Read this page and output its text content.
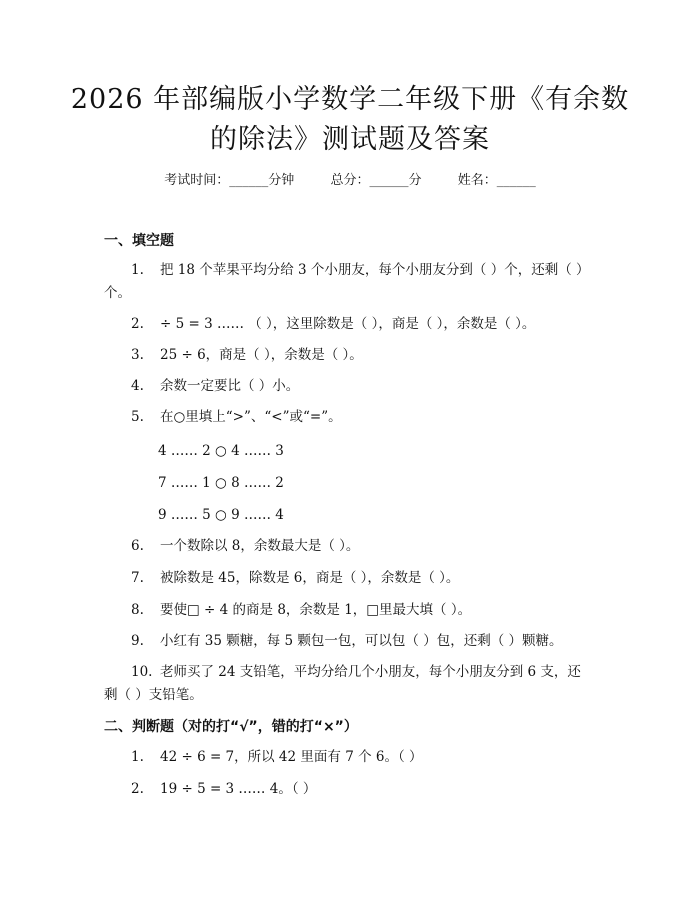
2026 年部编版小学数学二年级下册《有余数
的除法》测试题及答案
考试时间：______分钟	总分：______分	姓名：______
一、填空题
1. 把 18 个苹果平均分给 3 个小朋友，每个小朋友分到（ ）个，还剩（ ）个。
2. ÷ 5 = 3 …… （ ），这里除数是（ ），商是（ ），余数是（ ）。
3. 25 ÷ 6，商是（ ），余数是（ ）。
4. 余数一定要比（ ）小。
5. 在○里填上“>”、“<”或“=”。
4 …… 2 ○ 4 …… 3
7 …… 1 ○ 8 …… 2
9 …… 5 ○ 9 …… 4
6. 一个数除以 8，余数最大是（ ）。
7. 被除数是 45，除数是 6，商是（ ），余数是（ ）。
8. 要使□ ÷ 4 的商是 8，余数是 1，□里最大填（ ）。
9. 小红有 35 颗糖，每 5 颗包一包，可以包（ ）包，还剩（ ）颗糖。
10. 老师买了 24 支铅笔，平均分给几个小朋友，每个小朋友分到 6 支，还剩（ ）支铅笔。
二、判断题（对的打“√”，错的打“×”）
1. 42 ÷ 6 = 7，所以 42 里面有 7 个 6。（ ）
2. 19 ÷ 5 = 3 …… 4。（ ）
